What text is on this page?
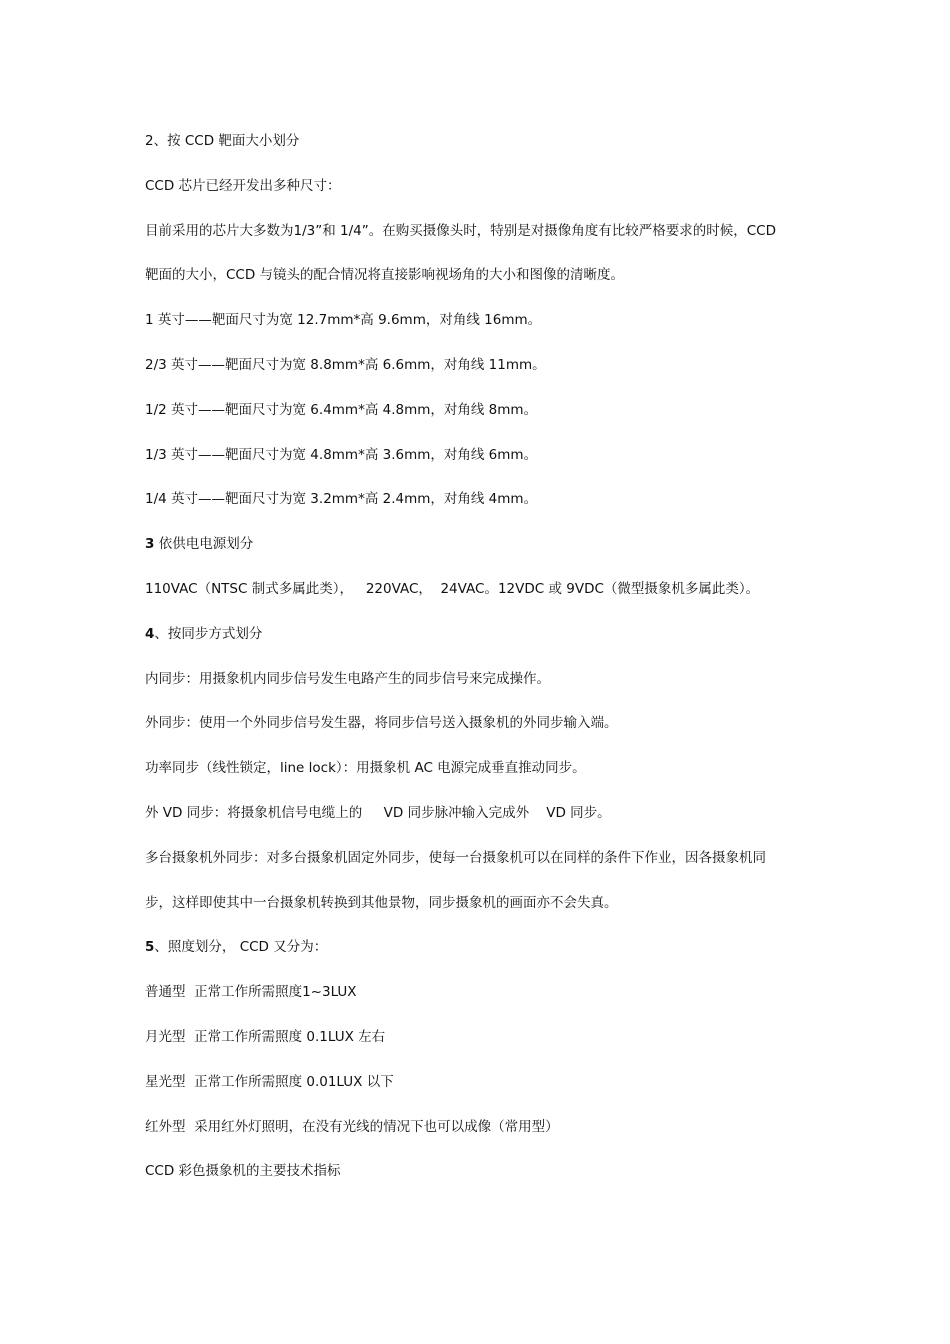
2、按 CCD 靶面大小划分
CCD 芯片已经开发出多种尺寸：
目前采用的芯片大多数为1/3”和 1/4”。在购买摄像头时，特别是对摄像角度有比较严格要求的时候，CCD
靶面的大小，CCD 与镜头的配合情况将直接影响视场角的大小和图像的清晰度。
1 英寸——靶面尺寸为宽 12.7mm*高 9.6mm，对角线 16mm。
2/3 英寸——靶面尺寸为宽 8.8mm*高 6.6mm，对角线 11mm。
1/2 英寸——靶面尺寸为宽 6.4mm*高 4.8mm，对角线 8mm。
1/3 英寸——靶面尺寸为宽 4.8mm*高 3.6mm，对角线 6mm。
1/4 英寸——靶面尺寸为宽 3.2mm*高 2.4mm，对角线 4mm。
3 依供电电源划分
110VAC（NTSC 制式多属此类），   220VAC，  24VAC。12VDC 或 9VDC（微型摄象机多属此类）。
4、按同步方式划分
内同步：用摄象机内同步信号发生电路产生的同步信号来完成操作。
外同步：使用一个外同步信号发生器，将同步信号送入摄象机的外同步输入端。
功率同步（线性锁定，line lock）：用摄象机 AC 电源完成垂直推动同步。
外 VD 同步：将摄象机信号电缆上的     VD 同步脉冲输入完成外    VD 同步。
多台摄象机外同步：对多台摄象机固定外同步，使每一台摄象机可以在同样的条件下作业，因各摄象机同
步，这样即使其中一台摄象机转换到其他景物，同步摄象机的画面亦不会失真。
5、照度划分， CCD 又分为：
普通型  正常工作所需照度1~3LUX
月光型  正常工作所需照度 0.1LUX 左右
星光型  正常工作所需照度 0.01LUX 以下
红外型  采用红外灯照明，在没有光线的情况下也可以成像（常用型）
CCD 彩色摄象机的主要技术指标
